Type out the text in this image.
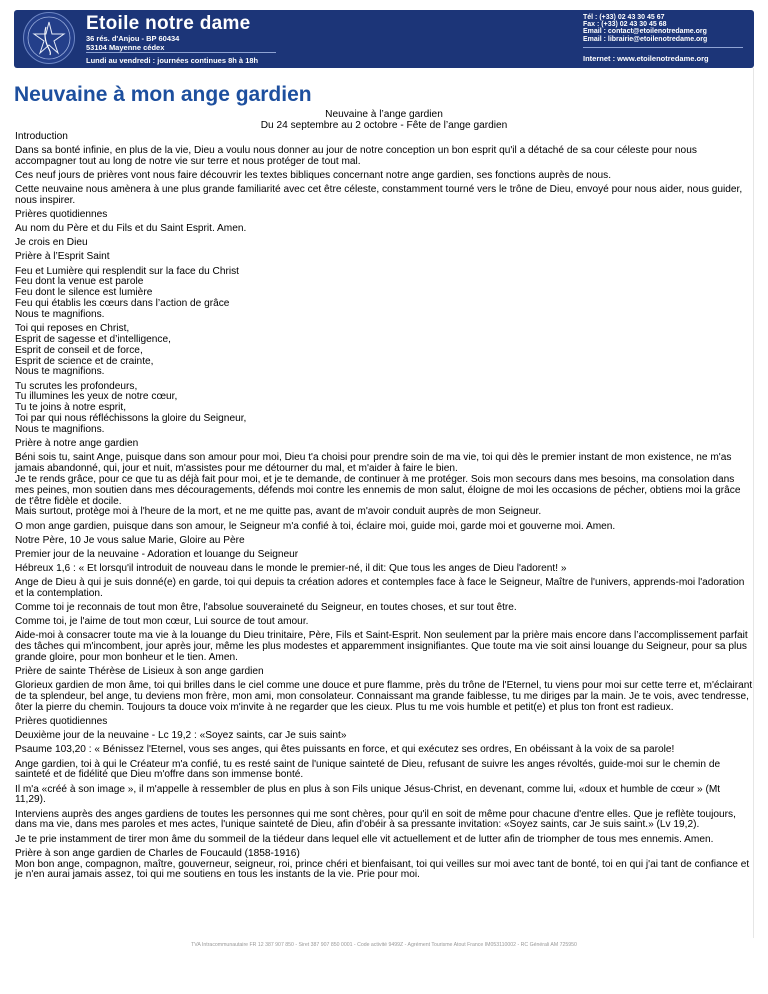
Etoile notre dame
36 rés. d'Anjou - BP 60434
53104 Mayenne cédex
Lundi au vendredi : journées continues 8h à 18h
Tél : (+33) 02 43 30 45 67
Fax : (+33) 02 43 30 45 68
Email : contact@etoilenotredame.org
Email : librairie@etoilenotredame.org
Internet : www.etoilenotredame.org
Neuvaine à mon ange gardien

Neuvaine à l’ange gardien

Du 24 septembre au 2 octobre - Fête de l’ange gardien

Introduction

Dans sa bonté infinie, en plus de la vie, Dieu a voulu nous donner au jour de notre conception un bon esprit qu'il a détaché de sa cour céleste pour nous accompagner tout au long de notre vie sur terre et nous protéger de tout mal.

Ces neuf jours de prières vont nous faire découvrir les textes bibliques concernant notre ange gardien, ses fonctions auprès de nous.

Cette neuvaine nous amènera à une plus grande familiarité avec cet être céleste, constamment tourné vers le trône de Dieu, envoyé pour nous aider, nous guider, nous inspirer.

Prières quotidiennes

Au nom du Père et du Fils et du Saint Esprit. Amen.

Je crois en Dieu

Prière à l’Esprit Saint

Feu et Lumière qui resplendit sur la face du Christ
Feu dont la venue est parole
Feu dont le silence est lumière
Feu qui établis les cœurs dans l’action de grâce
Nous te magnifions.

Toi qui reposes en Christ,
Esprit de sagesse et d’intelligence,
Esprit de conseil et de force,
Esprit de science et de crainte,
Nous te magnifions.

Tu scrutes les profondeurs,
Tu illumines les yeux de notre cœur,
Tu te joins à notre esprit,
Toi par qui nous réfléchissons la gloire du Seigneur,
Nous te magnifions.

Prière à notre ange gardien

Béni sois tu, saint Ange, puisque dans son amour pour moi, Dieu t'a choisi pour prendre soin de ma vie, toi qui dès le premier instant de mon existence, ne m'as jamais abandonné, qui, jour et nuit, m'assistes pour me détourner du mal, et m'aider à faire le bien.
Je te rends grâce, pour ce que tu as déjà fait pour moi, et je te demande, de continuer à me protéger. Sois mon secours dans mes besoins, ma consolation dans mes peines, mon soutien dans mes découragements, défends moi contre les ennemis de mon salut, éloigne de moi les occasions de pécher, obtiens moi la grâce de t'être fidèle et docile.
Mais surtout, protège moi à l'heure de la mort, et ne me quitte pas, avant de m'avoir conduit auprès de mon Seigneur.

O mon ange gardien, puisque dans son amour, le Seigneur m'a confié à toi, éclaire moi, guide moi, garde moi et gouverne moi. Amen.

Notre Père, 10 Je vous salue Marie, Gloire au Père

Premier jour de la neuvaine - Adoration et louange du Seigneur

Hébreux 1,6 : « Et lorsqu'il introduit de nouveau dans le monde le premier-né, il dit: Que tous les anges de Dieu l'adorent! »

Ange de Dieu à qui je suis donné(e) en garde, toi qui depuis ta création adores et contemples face à face le Seigneur, Maître de l'univers, apprends-moi l'adoration et la contemplation.

Comme toi je reconnais de tout mon être, l'absolue souveraineté du Seigneur, en toutes choses, et sur tout être.

Comme toi, je l'aime de tout mon cœur, Lui source de tout amour.

Aide-moi à consacrer toute ma vie à la louange du Dieu trinitaire, Père, Fils et Saint-Esprit. Non seulement par la prière mais encore dans l’accomplissement parfait des tâches qui m'incombent, jour après jour, même les plus modestes et apparemment insignifiantes. Que toute ma vie soit ainsi louange du Seigneur, pour sa plus grande gloire, pour mon bonheur et le tien. Amen.

Prière de sainte Thérèse de Lisieux à son ange gardien

Glorieux gardien de mon âme, toi qui brilles dans le ciel comme une douce et pure flamme, près du trône de l'Eternel, tu viens pour moi sur cette terre et, m'éclairant de ta splendeur, bel ange, tu deviens mon frère, mon ami, mon consolateur. Connaissant ma grande faiblesse, tu me diriges par la main. Je te vois, avec tendresse, ôter la pierre du chemin. Toujours ta douce voix m'invite à ne regarder que les cieux. Plus tu me vois humble et petit(e) et plus ton front est radieux.

Prières quotidiennes

Deuxième jour de la neuvaine - Lc 19,2 : «Soyez saints, car Je suis saint»

Psaume 103,20 : « Bénissez l'Eternel, vous ses anges, qui êtes puissants en force, et qui exécutez ses ordres, En obéissant à la voix de sa parole!

Ange gardien, toi à qui le Créateur m'a confié, tu es resté saint de l'unique sainteté de Dieu, refusant de suivre les anges révoltés, guide-moi sur le chemin de sainteté et de fidélité que Dieu m'offre dans son immense bonté.

Il m'a «créé à son image », il m'appelle à ressembler de plus en plus à son Fils unique Jésus-Christ, en devenant, comme lui, «doux et humble de cœur » (Mt 11,29).

Interviens auprès des anges gardiens de toutes les personnes qui me sont chères, pour qu'il en soit de même pour chacune d'entre elles. Que je reflète toujours, dans ma vie, dans mes paroles et mes actes, l'unique sainteté de Dieu, afin d'obéir à sa pressante invitation: «Soyez saints, car Je suis saint.» (Lv 19,2).

Je te prie instamment de tirer mon âme du sommeil de la tiédeur dans lequel elle vit actuellement et de lutter afin de triompher de tous mes ennemis. Amen.

Prière à son ange gardien de Charles de Foucauld (1858-1916)
Mon bon ange, compagnon, maître, gouverneur, seigneur, roi, prince chéri et bienfaisant, toi qui veilles sur moi avec tant de bonté, toi en qui j'ai tant de confiance et je n'en aurai jamais assez, toi qui me soutiens en tous les instants de la vie. Prie pour moi.

TVA Intracommunautaire FR 12 387 907 850 - Siret 387 907 850 0001 - Code activité 9499Z - Agrément Tourisme Atout France IM053110002 - RC Générali AM 725950
